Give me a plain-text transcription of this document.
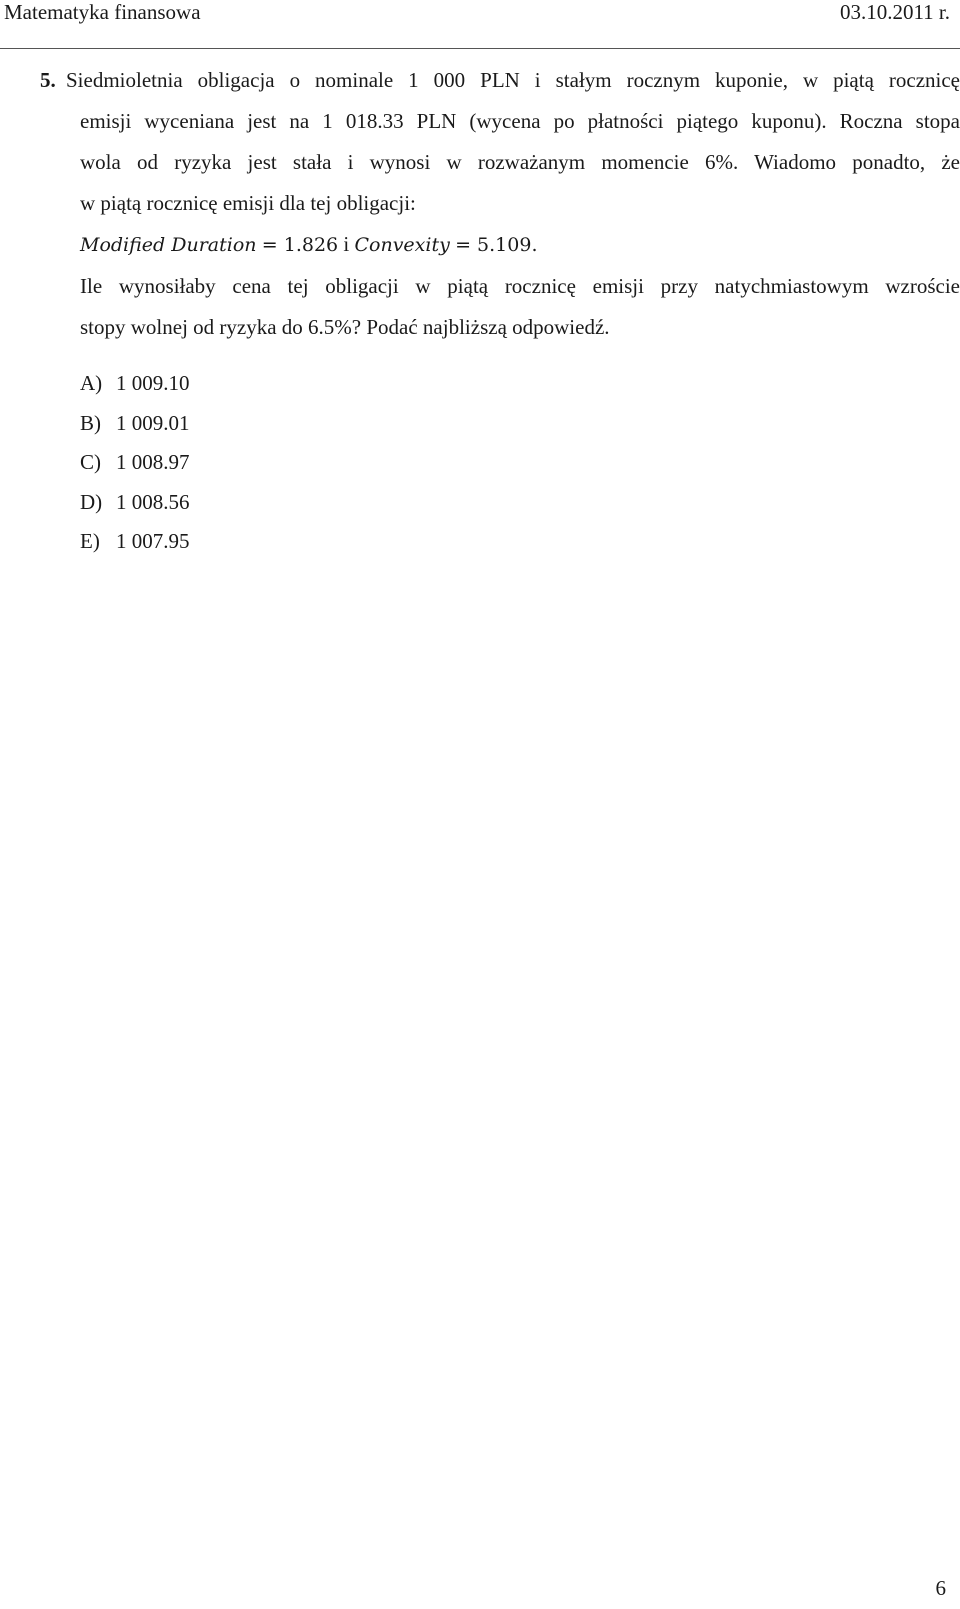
Matematyka finansowa	03.10.2011 r.
5. Siedmioletnia obligacja o nominale 1 000 PLN i stałym rocznym kuponie, w piątą rocznicę
emisji wyceniana jest na 1 018.33 PLN (wycena po płatności piątego kuponu). Roczna stopa
wola od ryzyka jest stała i wynosi w rozważanym momencie 6%. Wiadomo ponadto, że
w piątą rocznicę emisji dla tej obligacji:
Modified Duration = 1.826 i Convexity = 5.109.
Ile wynosiłaby cena tej obligacji w piątą rocznicę emisji przy natychmiastowym wzroście
stopy wolnej od ryzyka do 6.5%? Podać najbliższą odpowiedź.
A) 1 009.10
B) 1 009.01
C) 1 008.97
D) 1 008.56
E) 1 007.95
6
